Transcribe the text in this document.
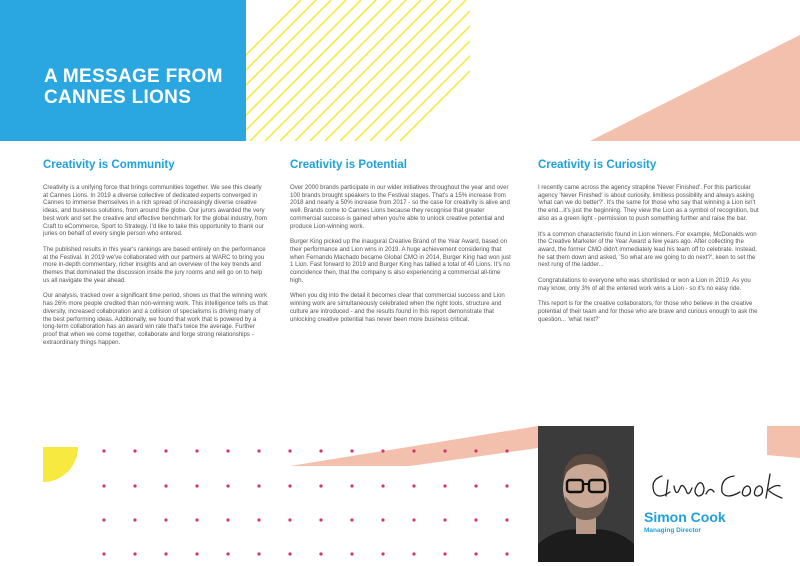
A MESSAGE FROM
CANNES LIONS
Creativity is Community

Creativity is a unifying force that brings communities together. We see this clearly at Cannes Lions. In 2019 a diverse collective of dedicated experts converged in Cannes to immerse themselves in a rich spread of increasingly diverse creative ideas, and business solutions, from around the globe. Our jurors awarded the very best work and set the creative and effective benchmark for the global industry, from Craft to eCommerce, Sport to Strategy. I'd like to take this opportunity to thank our juries on behalf of every single person who entered.

The published results in this year's rankings are based entirely on the performance at the Festival. In 2019 we've collaborated with our partners at WARC to bring you more in-depth commentary, richer insights and an overview of the key trends and themes that dominated the discussion inside the jury rooms and will go on to help us all navigate the year ahead.

Our analysis, tracked over a significant time period, shows us that the winning work has 26% more people credited than non-winning work. This intelligence tells us that diversity, increased collaboration and a collision of specialisms is driving many of the best performing ideas. Additionally, we found that work that is powered by a long-term collaboration has an award win rate that's twice the average. Further proof that when we come together, collaborate and forge strong relationships - extraordinary things happen.

Creativity is Potential

Over 2000 brands participate in our wider initiatives throughout the year and over 100 brands brought speakers to the Festival stages. That's a 15% increase from 2018 and nearly a 50% increase from 2017 - so the case for creativity is alive and well. Brands come to Cannes Lions because they recognise that greater commercial success is gained when you're able to unlock creative potential and produce Lion-winning work.

Burger King picked up the inaugural Creative Brand of the Year Award, based on their performance and Lion wins in 2019. A huge achievement considering that when Fernando Machado became Global CMO in 2014, Burger King had won just 1 Lion. Fast forward to 2019 and Burger King has tallied a total of 40 Lions. It's no coincidence then, that the company is also experiencing a commercial all-time high.

When you dig into the detail it becomes clear that commercial success and Lion winning work are simultaneously celebrated when the right tools, structure and culture are introduced - and the results found in this report demonstrate that unlocking creative potential has never been more business critical.

Creativity is Curiosity

I recently came across the agency strapline 'Never Finished'. For this particular agency 'Never Finished' is about curiosity, limitless possibility and always asking 'what can we do better?'. It's the same for those who say that winning a Lion isn't the end...it's just the beginning. They view the Lion as a symbol of recognition, but also as a green light - permission to push something further and raise the bar.

It's a common characteristic found in Lion winners. For example, McDonalds won the Creative Marketer of the Year Award a few years ago. After collecting the award, the former CMO didn't immediately lead his team off to celebrate. Instead, he sat them down and asked, 'So what are we going to do next?', keen to set the next rung of the ladder...

Congratulations to everyone who was shortlisted or won a Lion in 2019. As you may know, only 3% of all the entered work wins a Lion - so it's no easy ride.

This report is for the creative collaborators, for those who believe in the creative potential of their team and for those who are brave and curious enough to ask the question... 'what next?'

Simon Cook

Managing Director
